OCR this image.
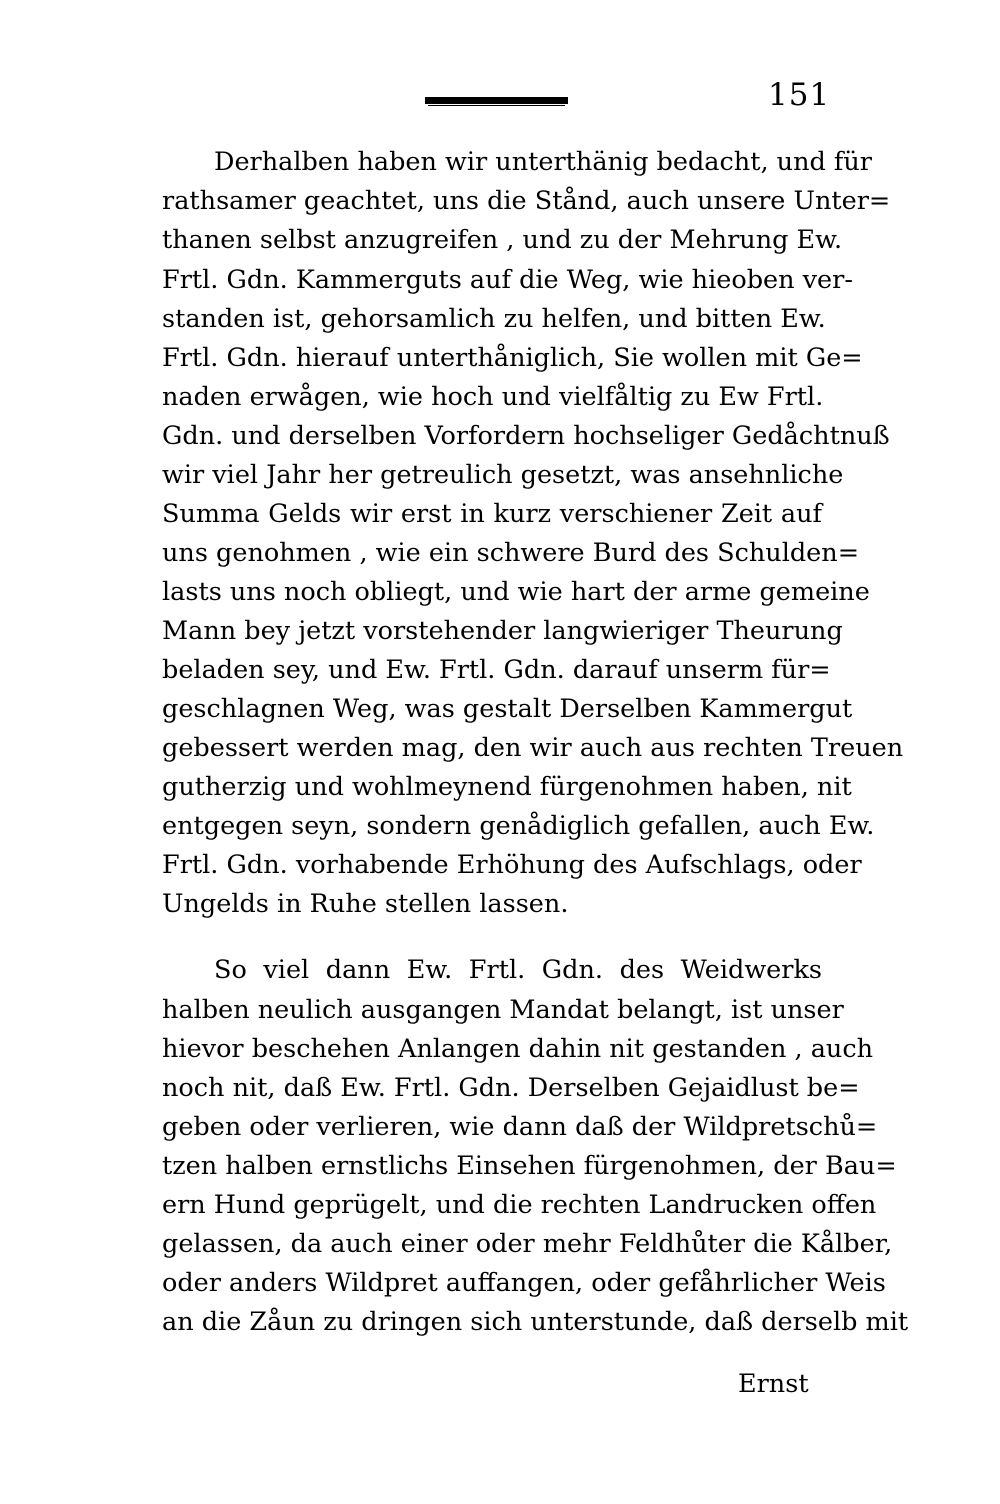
151
Derhalben haben wir unterthänig bedacht, und für
rathsamer geachtet, uns die Stånd, auch unsere Unter=
thanen selbst anzugreifen , und zu der Mehrung Ew.
Frtl. Gdn. Kammerguts auf die Weg, wie hieoben ver-
standen ist, gehorsamlich zu helfen, und bitten Ew.
Frtl. Gdn. hierauf unterthåniglich, Sie wollen mit Ge=
naden erwågen, wie hoch und vielfåltig zu Ew Frtl.
Gdn. und derselben Vorfordern hochseliger Gedåchtnuß
wir viel Jahr her getreulich gesetzt, was ansehnliche
Summa Gelds wir erst in kurz verschiener Zeit auf
uns genohmen , wie ein schwere Burd des Schulden=
lasts uns noch obliegt, und wie hart der arme gemeine
Mann bey jetzt vorstehender langwieriger Theurung
beladen sey, und Ew. Frtl. Gdn. darauf unserm für=
geschlagnen Weg, was gestalt Derselben Kammergut
gebessert werden mag, den wir auch aus rechten Treuen
gutherzig und wohlmeynend fürgenohmen haben, nit
entgegen seyn, sondern genådiglich gefallen, auch Ew.
Frtl. Gdn. vorhabende Erhöhung des Aufschlags, oder
Ungelds in Ruhe stellen lassen.
So viel dann Ew. Frtl. Gdn. des Weidwerks
halben neulich ausgangen Mandat belangt, ist unser
hievor beschehen Anlangen dahin nit gestanden , auch
noch nit, daß Ew. Frtl. Gdn. Derselben Gejaidlust be=
geben oder verlieren, wie dann daß der Wildpretschů=
tzen halben ernstlichs Einsehen fürgenohmen, der Bau=
ern Hund geprügelt, und die rechten Landrucken offen
gelassen, da auch einer oder mehr Feldhůter die Kålber,
oder anders Wildpret auffangen, oder gefåhrlicher Weis
an die Zåun zu dringen sich unterstunde, daß derselb mit
Ernst
